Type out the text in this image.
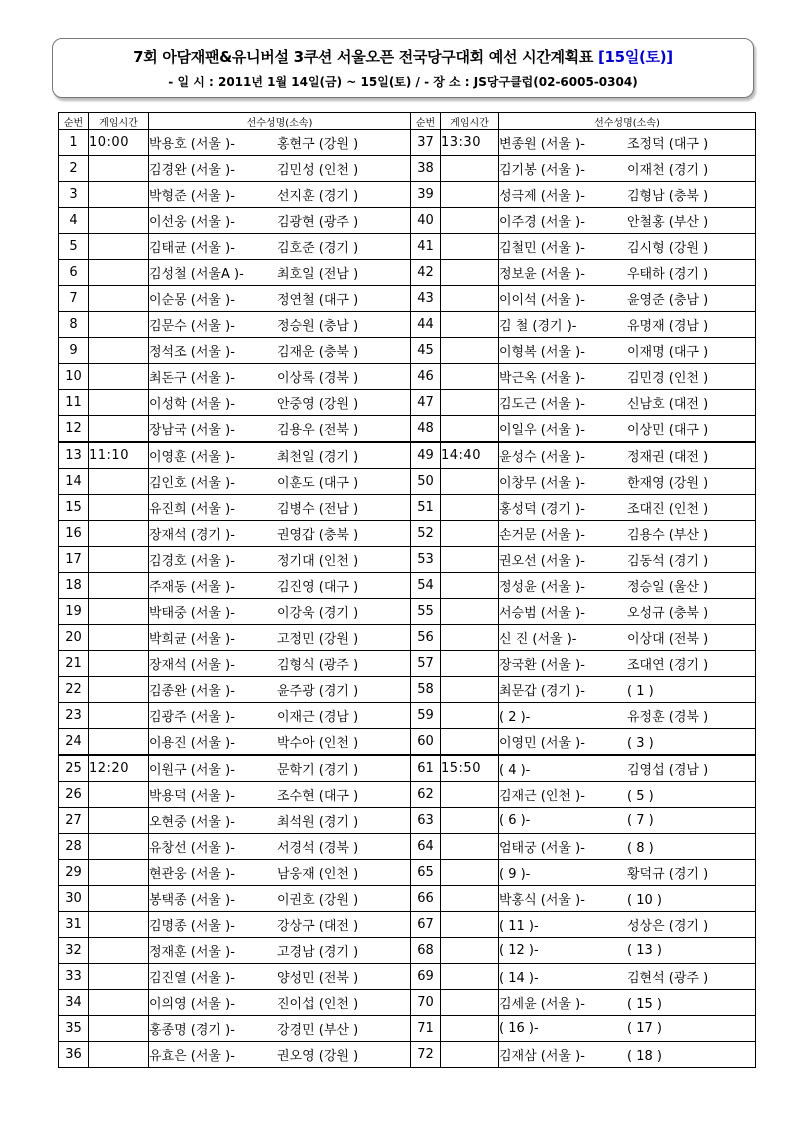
7회 아담재팬&유니버설 3쿠션 서울오픈 전국당구대회 예선 시간계획표 [15일(토)]
- 일 시 : 2011년 1월 14일(금) ~ 15일(토) / - 장 소 : JS당구클럽(02-6005-0304)
순번	게임시간	선수성명(소속)
1	10:00	박용호 (서울 )- 홍현구 (강원 )
2		김경완 (서울 )- 김민성 (인천 )
3		박형준 (서울 )- 선지훈 (경기 )
4		이선웅 (서울 )- 김광현 (광주 )
5		김태균 (서울 )- 김호준 (경기 )
6		김성철 (서울A )- 최호일 (전남 )
7		이순몽 (서울 )- 정연철 (대구 )
8		김문수 (서울 )- 정승원 (충남 )
9		정석조 (서울 )- 김재운 (충북 )
10		최돈구 (서울 )- 이상록 (경북 )
11		이성학 (서울 )- 안중영 (강원 )
12		장남국 (서울 )- 김용우 (전북 )
13	11:10	이영훈 (서울 )- 최천일 (경기 )
14		김인호 (서울 )- 이훈도 (대구 )
15		유진희 (서울 )- 김병수 (전남 )
16		장재석 (경기 )- 권영갑 (충북 )
17		김경호 (서울 )- 정기대 (인천 )
18		주재동 (서울 )- 김진영 (대구 )
19		박태중 (서울 )- 이강욱 (경기 )
20		박희균 (서울 )- 고정민 (강원 )
21		장재석 (서울 )- 김형식 (광주 )
22		김종완 (서울 )- 윤주광 (경기 )
23		김광주 (서울 )- 이재근 (경남 )
24		이용진 (서울 )- 박수아 (인천 )
25	12:20	이원구 (서울 )- 문학기 (경기 )
26		박용덕 (서울 )- 조수현 (대구 )
27		오현중 (서울 )- 최석원 (경기 )
28		유창선 (서울 )- 서경석 (경북 )
29		현관웅 (서울 )- 남웅재 (인천 )
30		봉택종 (서울 )- 이권호 (강원 )
31		김명종 (서울 )- 강상구 (대전 )
32		정재훈 (서울 )- 고경남 (경기 )
33		김진열 (서울 )- 양성민 (전북 )
34		이의영 (서울 )- 진이섭 (인천 )
35		홍종명 (경기 )- 강경민 (부산 )
36		유효은 (서울 )- 권오영 (강원 )
순번	게임시간	선수성명(소속)
37	13:30	변종원 (서울 )- 조정덕 (대구 )
38		김기봉 (서울 )- 이재천 (경기 )
39		성극제 (서울 )- 김형남 (충북 )
40		이주경 (서울 )- 안철홍 (부산 )
41		김철민 (서울 )- 김시형 (강원 )
42		정보윤 (서울 )- 우태하 (경기 )
43		이이석 (서울 )- 윤영준 (충남 )
44		김 철 (경기 )- 유명재 (경남 )
45		이형복 (서울 )- 이재명 (대구 )
46		박근옥 (서울 )- 김민경 (인천 )
47		김도근 (서울 )- 신남호 (대전 )
48		이일우 (서울 )- 이상민 (대구 )
49	14:40	윤성수 (서울 )- 정재권 (대전 )
50		이창무 (서울 )- 한재영 (강원 )
51		홍성덕 (경기 )- 조대진 (인천 )
52		손거문 (서울 )- 김용수 (부산 )
53		권오선 (서울 )- 김동석 (경기 )
54		정성윤 (서울 )- 정승일 (울산 )
55		서승범 (서울 )- 오성규 (충북 )
56		신 진 (서울 )- 이상대 (전북 )
57		장국환 (서울 )- 조대연 (경기 )
58		최문갑 (경기 )- ( 1 )
59		( 2 )- 유정훈 (경북 )
60		이영민 (서울 )- ( 3 )
61	15:50	( 4 )- 김영섭 (경남 )
62		김재근 (인천 )- ( 5 )
63		( 6 )- ( 7 )
64		엄태궁 (서울 )- ( 8 )
65		( 9 )- 황덕규 (경기 )
66		박홍식 (서울 )- ( 10 )
67		( 11 )- 성상은 (경기 )
68		( 12 )- ( 13 )
69		( 14 )- 김현석 (광주 )
70		김세윤 (서울 )- ( 15 )
71		( 16 )- ( 17 )
72		김재삼 (서울 )- ( 18 )
